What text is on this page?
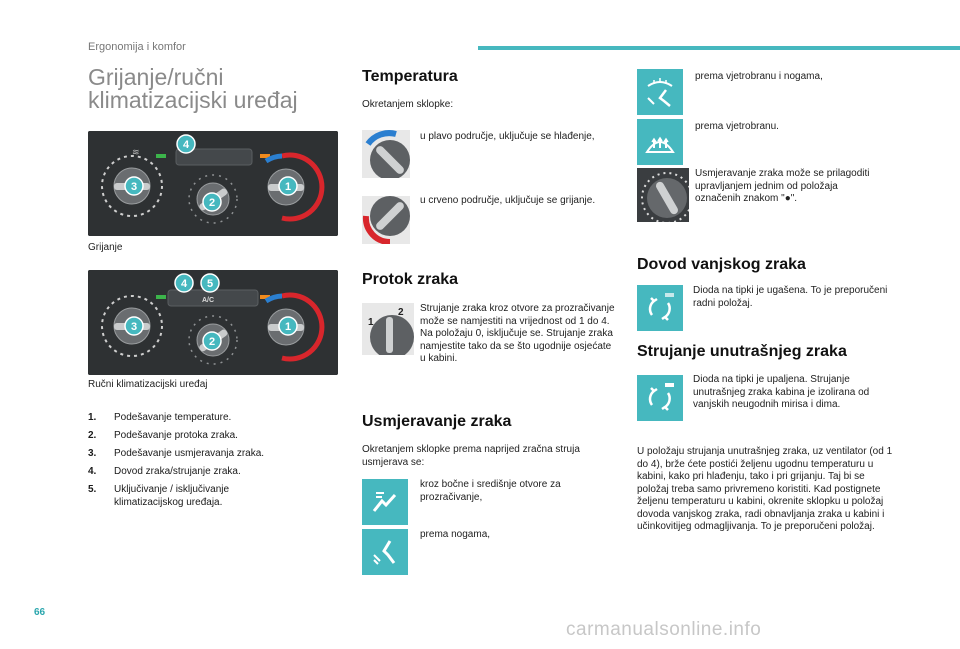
Ergonomija i komfor
Grijanje/ručni
klimatizacijski uređaj
≋
4
3
2
1
Grijanje
A/C
4 5
3
2
1
Ručni klimatizacijski uređaj
1. Podešavanje temperature.
2. Podešavanje protoka zraka.
3. Podešavanje usmjeravanja zraka.
4. Dovod zraka/strujanje zraka.
5. Uključivanje / isključivanje klimatizacijskog uređaja.
Temperatura
Okretanjem sklopke:
u plavo područje, uključuje se hlađenje,
u crveno područje, uključuje se grijanje.
Protok zraka
1
2 Strujanje zraka kroz otvore za prozračivanje može se namjestiti na vrijednost od 1 do 4. Na položaju 0, isključuje se. Strujanje zraka namjestite tako da se što ugodnije osjećate u kabini.
Usmjeravanje zraka
Okretanjem sklopke prema naprijed zračna struja usmjerava se:
kroz bočne i središnje otvore za prozračivanje,
prema nogama,
prema vjetrobranu i nogama,
prema vjetrobranu.
Usmjeravanje zraka može se prilagoditi upravljanjem jednim od položaja označenih znakom "●".
Dovod vanjskog zraka
Dioda na tipki je ugašena. To je preporučeni radni položaj.
Strujanje unutrašnjeg zraka
Dioda na tipki je upaljena. Strujanje unutrašnjeg zraka kabina je izolirana od vanjskih neugodnih mirisa i dima.
U položaju strujanja unutrašnjeg zraka, uz ventilator (od 1 do 4), brže ćete postići željenu ugodnu temperaturu u kabini, kako pri hlađenju, tako i pri grijanju. Taj bi se položaj treba samo privremeno koristiti. Kad postignete željenu temperaturu u kabini, okrenite sklopku u položaj dovoda vanjskog zraka, radi obnavljanja zraka u kabini i učinkovitijeg odmagljivanja. To je preporučeni položaj.
66
carmanualsonline.info
